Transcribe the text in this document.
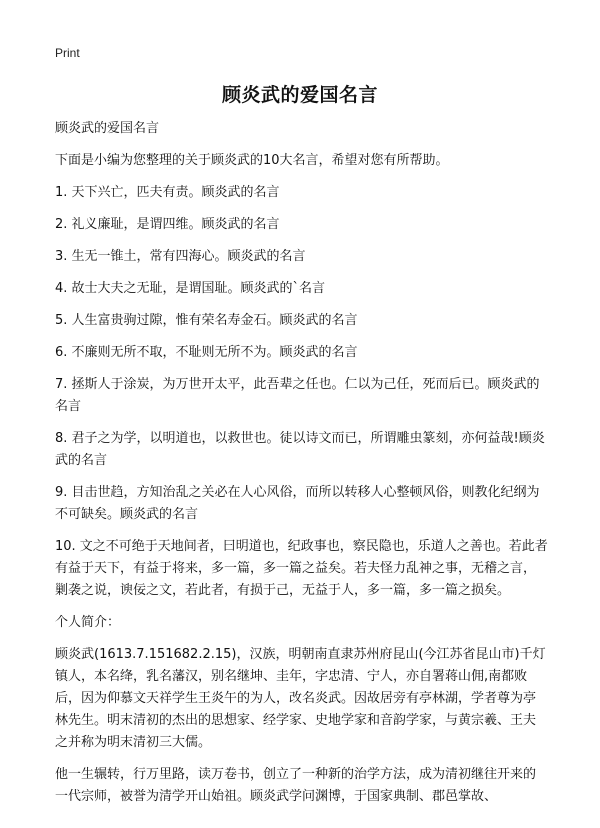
Print
顾炎武的爱国名言

顾炎武的爱国名言

下面是小编为您整理的关于顾炎武的10大名言，希望对您有所帮助。

1. 天下兴亡，匹夫有责。顾炎武的名言

2. 礼义廉耻，是谓四维。顾炎武的名言

3. 生无一锥土，常有四海心。顾炎武的名言

4. 故士大夫之无耻，是谓国耻。顾炎武的`名言

5. 人生富贵驹过隙，惟有荣名寿金石。顾炎武的名言

6. 不廉则无所不取，不耻则无所不为。顾炎武的名言

7. 拯斯人于涂炭，为万世开太平，此吾辈之任也。仁以为己任，死而后已。顾炎武的名言

8. 君子之为学，以明道也，以救世也。徒以诗文而已，所谓雕虫篆刻，亦何益哉!顾炎武的名言

9. 目击世趋，方知治乱之关必在人心风俗，而所以转移人心整顿风俗，则教化纪纲为不可缺矣。顾炎武的名言

10. 文之不可绝于天地间者，曰明道也，纪政事也，察民隐也，乐道人之善也。若此者有益于天下，有益于将来，多一篇，多一篇之益矣。若夫怪力乱神之事，无稽之言，剿袭之说，谀佞之文，若此者，有损于己，无益于人，多一篇，多一篇之损矣。

个人简介：

顾炎武(1613.7.151682.2.15)，汉族，明朝南直隶苏州府昆山(今江苏省昆山市)千灯镇人，本名绛，乳名藩汉，别名继坤、圭年，字忠清、宁人，亦自署蒋山佣,南都败后，因为仰慕文天祥学生王炎午的为人，改名炎武。因故居旁有亭林湖，学者尊为亭林先生。明末清初的杰出的思想家、经学家、史地学家和音韵学家，与黄宗羲、王夫之并称为明末清初三大儒。

他一生辗转，行万里路，读万卷书，创立了一种新的治学方法，成为清初继往开来的一代宗师，被誉为清学开山始祖。顾炎武学问渊博，于国家典制、郡邑掌故、
